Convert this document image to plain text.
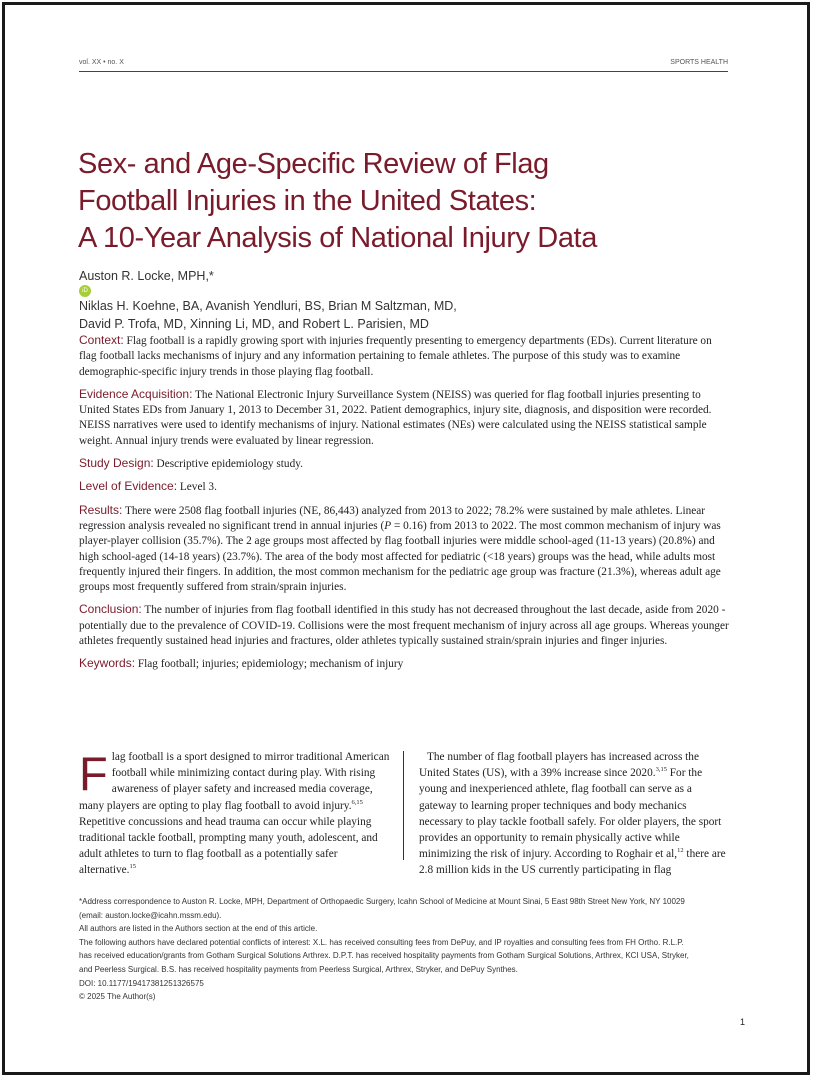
vol. XX • no. X	SPORTS HEALTH
Sex- and Age-Specific Review of Flag
Football Injuries in the United States:
A 10-Year Analysis of National Injury Data
Auston R. Locke, MPH,*
iD
Niklas H. Koehne, BA, Avanish Yendluri, BS, Brian M Saltzman, MD,
David P. Trofa, MD, Xinning Li, MD, and Robert L. Parisien, MD

Context: Flag football is a rapidly growing sport with injuries frequently presenting to emergency departments (EDs). Current literature on flag football lacks mechanisms of injury and any information pertaining to female athletes. The purpose of this study was to examine demographic-specific injury trends in those playing flag football.

Evidence Acquisition: The National Electronic Injury Surveillance System (NEISS) was queried for flag football injuries presenting to United States EDs from January 1, 2013 to December 31, 2022. Patient demographics, injury site, diagnosis, and disposition were recorded. NEISS narratives were used to identify mechanisms of injury. National estimates (NEs) were calculated using the NEISS statistical sample weight. Annual injury trends were evaluated by linear regression.

Study Design: Descriptive epidemiology study.

Level of Evidence: Level 3.

Results: There were 2508 flag football injuries (NE, 86,443) analyzed from 2013 to 2022; 78.2% were sustained by male athletes. Linear regression analysis revealed no significant trend in annual injuries (P = 0.16) from 2013 to 2022. The most common mechanism of injury was player-player collision (35.7%). The 2 age groups most affected by flag football injuries were middle school-aged (11-13 years) (20.8%) and high school-aged (14-18 years) (23.7%). The area of the body most affected for pediatric (<18 years) groups was the head, while adults most frequently injured their fingers. In addition, the most common mechanism for the pediatric age group was fracture (21.3%), whereas adult age groups most frequently suffered from strain/sprain injuries.

Conclusion: The number of injuries from flag football identified in this study has not decreased throughout the last decade, aside from 2020 - potentially due to the prevalence of COVID-19. Collisions were the most frequent mechanism of injury across all age groups. Whereas younger athletes frequently sustained head injuries and fractures, older athletes typically sustained strain/sprain injuries and finger injuries.

Keywords: Flag football; injuries; epidemiology; mechanism of injury

Flag football is a sport designed to mirror traditional American football while minimizing contact during play. With rising awareness of player safety and increased media coverage, many players are opting to play flag football to avoid injury.$^{6,15}$ Repetitive concussions and head trauma can occur while playing traditional tackle football, prompting many youth, adolescent, and adult athletes to turn to flag football as a potentially safer alternative.$^{15}$
The number of flag football players has increased across the United States (US), with a 39% increase since 2020.$^{3,15}$ For the young and inexperienced athlete, flag football can serve as a gateway to learning proper techniques and body mechanics necessary to play tackle football safely. For older players, the sport provides an opportunity to remain physically active while minimizing the risk of injury. According to Roghair et al,$^{12}$ there are 2.8 million kids in the US currently participating in flag
*Address correspondence to Auston R. Locke, MPH, Department of Orthopaedic Surgery, Icahn School of Medicine at Mount Sinai, 5 East 98th Street New York, NY 10029
(email: auston.locke@icahn.mssm.edu).
All authors are listed in the Authors section at the end of this article.
The following authors have declared potential conflicts of interest: X.L. has received consulting fees from DePuy, and IP royalties and consulting fees from FH Ortho. R.L.P.
has received education/grants from Gotham Surgical Solutions Arthrex. D.P.T. has received hospitality payments from Gotham Surgical Solutions, Arthrex, KCI USA, Stryker,
and Peerless Surgical. B.S. has received hospitality payments from Peerless Surgical, Arthrex, Stryker, and DePuy Synthes.
DOI: 10.1177/19417381251326575
© 2025 The Author(s)
1
